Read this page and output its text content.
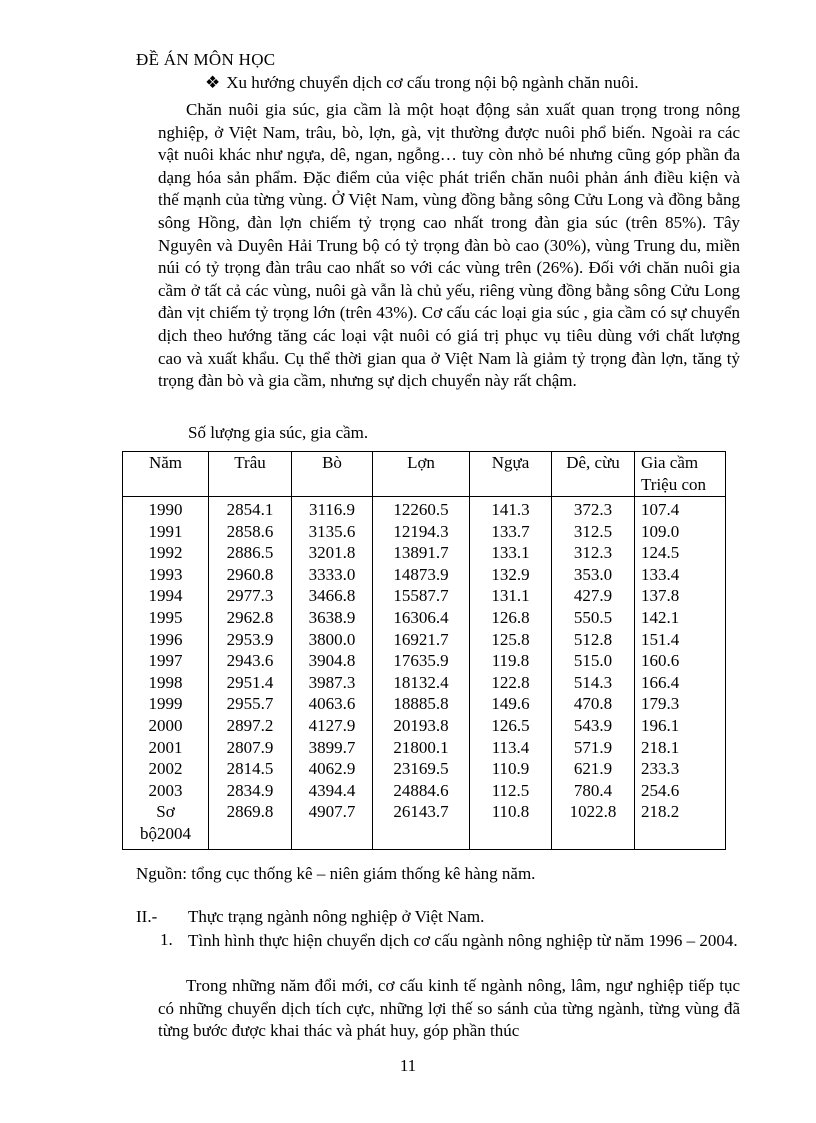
ĐỀ ÁN MÔN HỌC
❖ Xu hướng chuyển dịch cơ cấu trong nội bộ ngành chăn nuôi.
Chăn nuôi gia súc, gia cầm là một hoạt động sản xuất quan trọng trong nông nghiệp, ở Việt Nam, trâu, bò, lợn, gà, vịt thường được nuôi phổ biến. Ngoài ra các vật nuôi khác như ngựa, dê, ngan, ngỗng… tuy còn nhỏ bé nhưng cũng góp phần đa dạng hóa sản phẩm. Đặc điểm của việc phát triển chăn nuôi phản ánh điều kiện và thế mạnh của từng vùng. Ở Việt Nam, vùng đồng bằng sông Cửu Long và đồng bằng sông Hồng, đàn lợn chiếm tỷ trọng cao nhất trong đàn gia súc (trên 85%). Tây Nguyên và Duyên Hải Trung bộ có tỷ trọng đàn bò cao (30%), vùng Trung du, miền núi có tỷ trọng đàn trâu cao nhất so với các vùng trên (26%). Đối với chăn nuôi gia cầm ở tất cả các vùng, nuôi gà vẫn là chủ yếu, riêng vùng đồng bằng sông Cửu Long đàn vịt chiếm tỷ trọng lớn (trên 43%). Cơ cấu các loại gia súc , gia cầm có sự chuyển dịch theo hướng tăng các loại vật nuôi có giá trị phục vụ tiêu dùng với chất lượng cao và xuất khẩu. Cụ thể thời gian qua ở Việt Nam là giảm tỷ trọng đàn lợn, tăng tỷ trọng đàn bò và gia cầm, nhưng sự dịch chuyển này rất chậm.
Số lượng gia súc, gia cầm.
Năm	Trâu	Bò	Lợn	Ngựa	Dê, cừu	Gia cầm
Triệu con

1990	2854.1	3116.9	12260.5	141.3	372.3	107.4
1991	2858.6	3135.6	12194.3	133.7	312.5	109.0
1992	2886.5	3201.8	13891.7	133.1	312.3	124.5
1993	2960.8	3333.0	14873.9	132.9	353.0	133.4
1994	2977.3	3466.8	15587.7	131.1	427.9	137.8
1995	2962.8	3638.9	16306.4	126.8	550.5	142.1
1996	2953.9	3800.0	16921.7	125.8	512.8	151.4
1997	2943.6	3904.8	17635.9	119.8	515.0	160.6
1998	2951.4	3987.3	18132.4	122.8	514.3	166.4
1999	2955.7	4063.6	18885.8	149.6	470.8	179.3
2000	2897.2	4127.9	20193.8	126.5	543.9	196.1
2001	2807.9	3899.7	21800.1	113.4	571.9	218.1
2002	2814.5	4062.9	23169.5	110.9	621.9	233.3
2003	2834.9	4394.4	24884.6	112.5	780.4	254.6

Sơ
bộ2004	2869.8	4907.7	26143.7	110.8	1022.8	218.2
Nguồn: tổng cục thống kê – niên giám thống kê hàng năm.
II.- Thực trạng ngành nông nghiệp ở Việt Nam.
1. Tình hình thực hiện chuyển dịch cơ cấu ngành nông nghiệp từ năm 1996 – 2004.
Trong những năm đổi mới, cơ cấu kinh tế ngành nông, lâm, ngư nghiệp tiếp tục có những chuyển dịch tích cực, những lợi thế so sánh của từng ngành, từng vùng đã từng bước được khai thác và phát huy, góp phần thúc
11
